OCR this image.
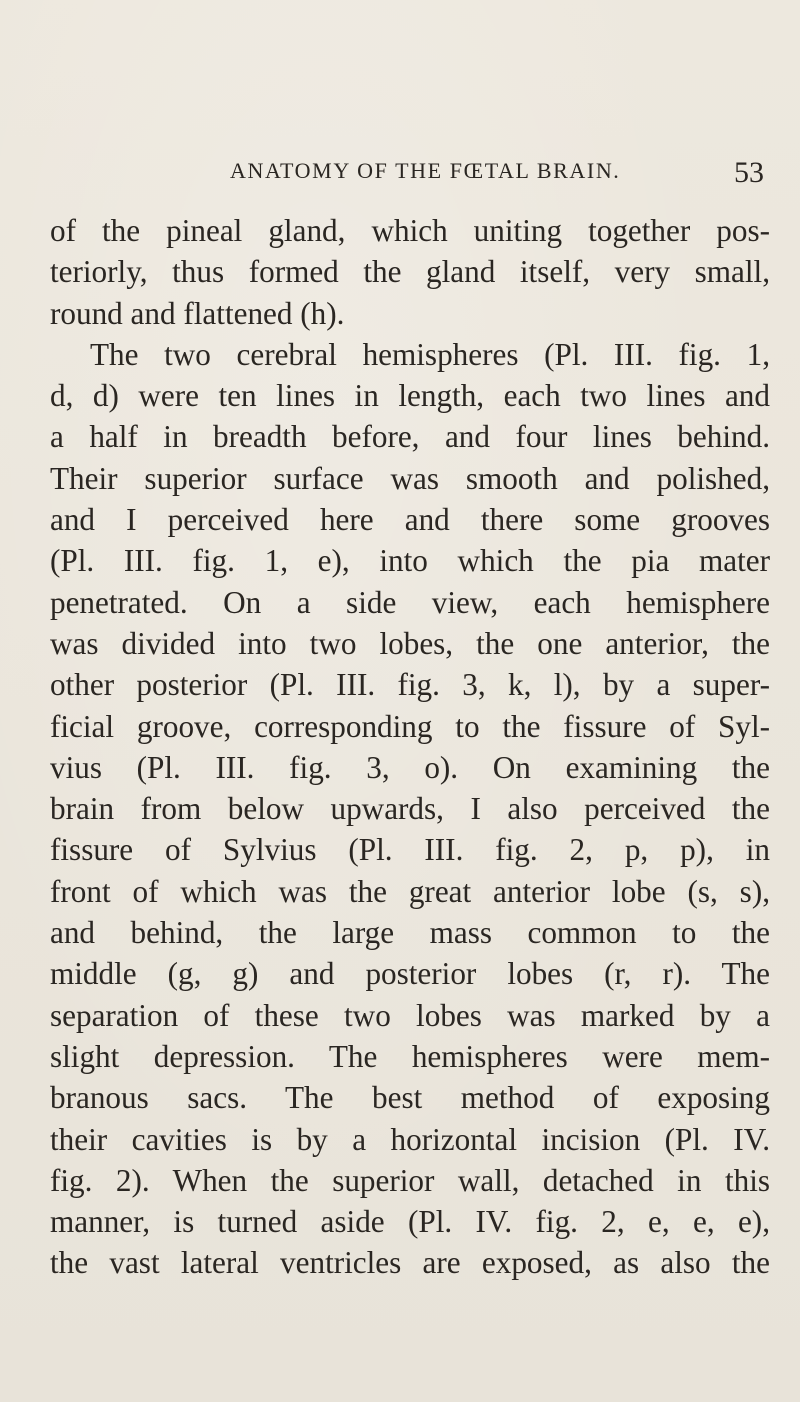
ANATOMY OF THE FŒTAL BRAIN.	53
of the pineal gland, which uniting together pos-
teriorly, thus formed the gland itself, very small,
round and flattened (h).
The two cerebral hemispheres (Pl. III. fig. 1,
d, d) were ten lines in length, each two lines and
a half in breadth before, and four lines behind.
Their superior surface was smooth and polished,
and I perceived here and there some grooves
(Pl. III. fig. 1, e), into which the pia mater
penetrated. On a side view, each hemisphere
was divided into two lobes, the one anterior, the
other posterior (Pl. III. fig. 3, k, l), by a super-
ficial groove, corresponding to the fissure of Syl-
vius (Pl. III. fig. 3, o). On examining the
brain from below upwards, I also perceived the
fissure of Sylvius (Pl. III. fig. 2, p, p), in
front of which was the great anterior lobe (s, s),
and behind, the large mass common to the
middle (g, g) and posterior lobes (r, r). The
separation of these two lobes was marked by a
slight depression. The hemispheres were mem-
branous sacs. The best method of exposing
their cavities is by a horizontal incision (Pl. IV.
fig. 2). When the superior wall, detached in this
manner, is turned aside (Pl. IV. fig. 2, e, e, e),
the vast lateral ventricles are exposed, as also the
